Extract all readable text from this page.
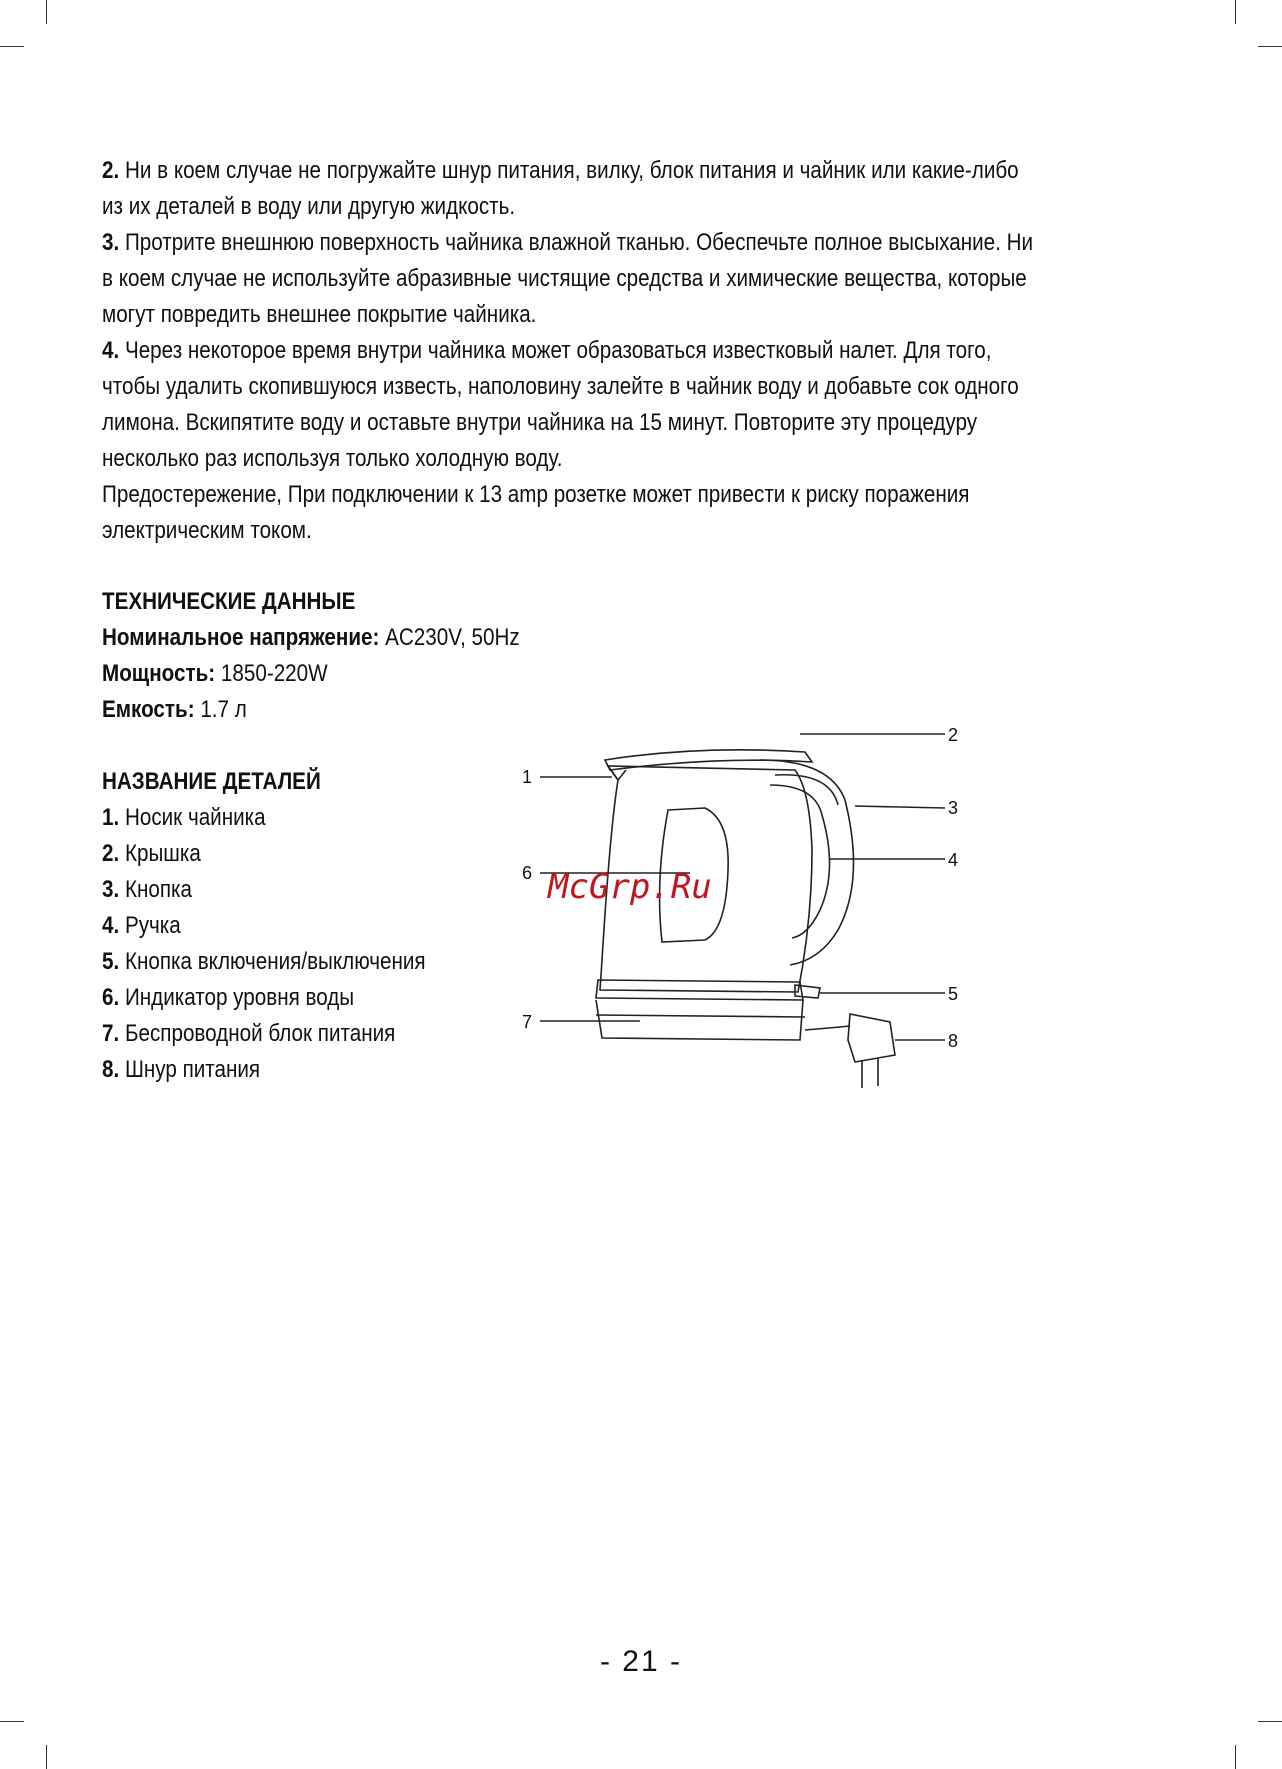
2. Ни в коем случае не погружайте шнур питания, вилку, блок питания и чайник или какие-либо из их деталей в воду или другую жидкость.

3. Протрите внешнюю поверхность чайника влажной тканью. Обеспечьте полное высыхание. Ни в коем случае не используйте абразивные чистящие средства и химические вещества, которые могут повредить внешнее покрытие чайника.

4. Через некоторое время внутри чайника может образоваться известковый налет. Для того, чтобы удалить скопившуюся известь, наполовину залейте в чайник воду и добавьте сок одного лимона. Вскипятите воду и оставьте внутри чайника на 15 минут. Повторите эту процедуру несколько раз используя только холодную воду.

Предостережение, При подключении к 13 amp розетке может привести к риску поражения электрическим током.

ТЕХНИЧЕСКИЕ ДАННЫЕ
Номинальное напряжение: AC230V, 50Hz
Мощность: 1850-220W
Емкость: 1.7 л
НАЗВАНИЕ ДЕТАЛЕЙ
1. Носик чайника
2. Крышка
3. Кнопка
4. Ручка
5. Кнопка включения/выключения
6. Индикатор уровня воды
7. Беспроводной блок питания
8. Шнур питания
1
2
3
4
5
6
7
8
McGrp.Ru
- 21 -
